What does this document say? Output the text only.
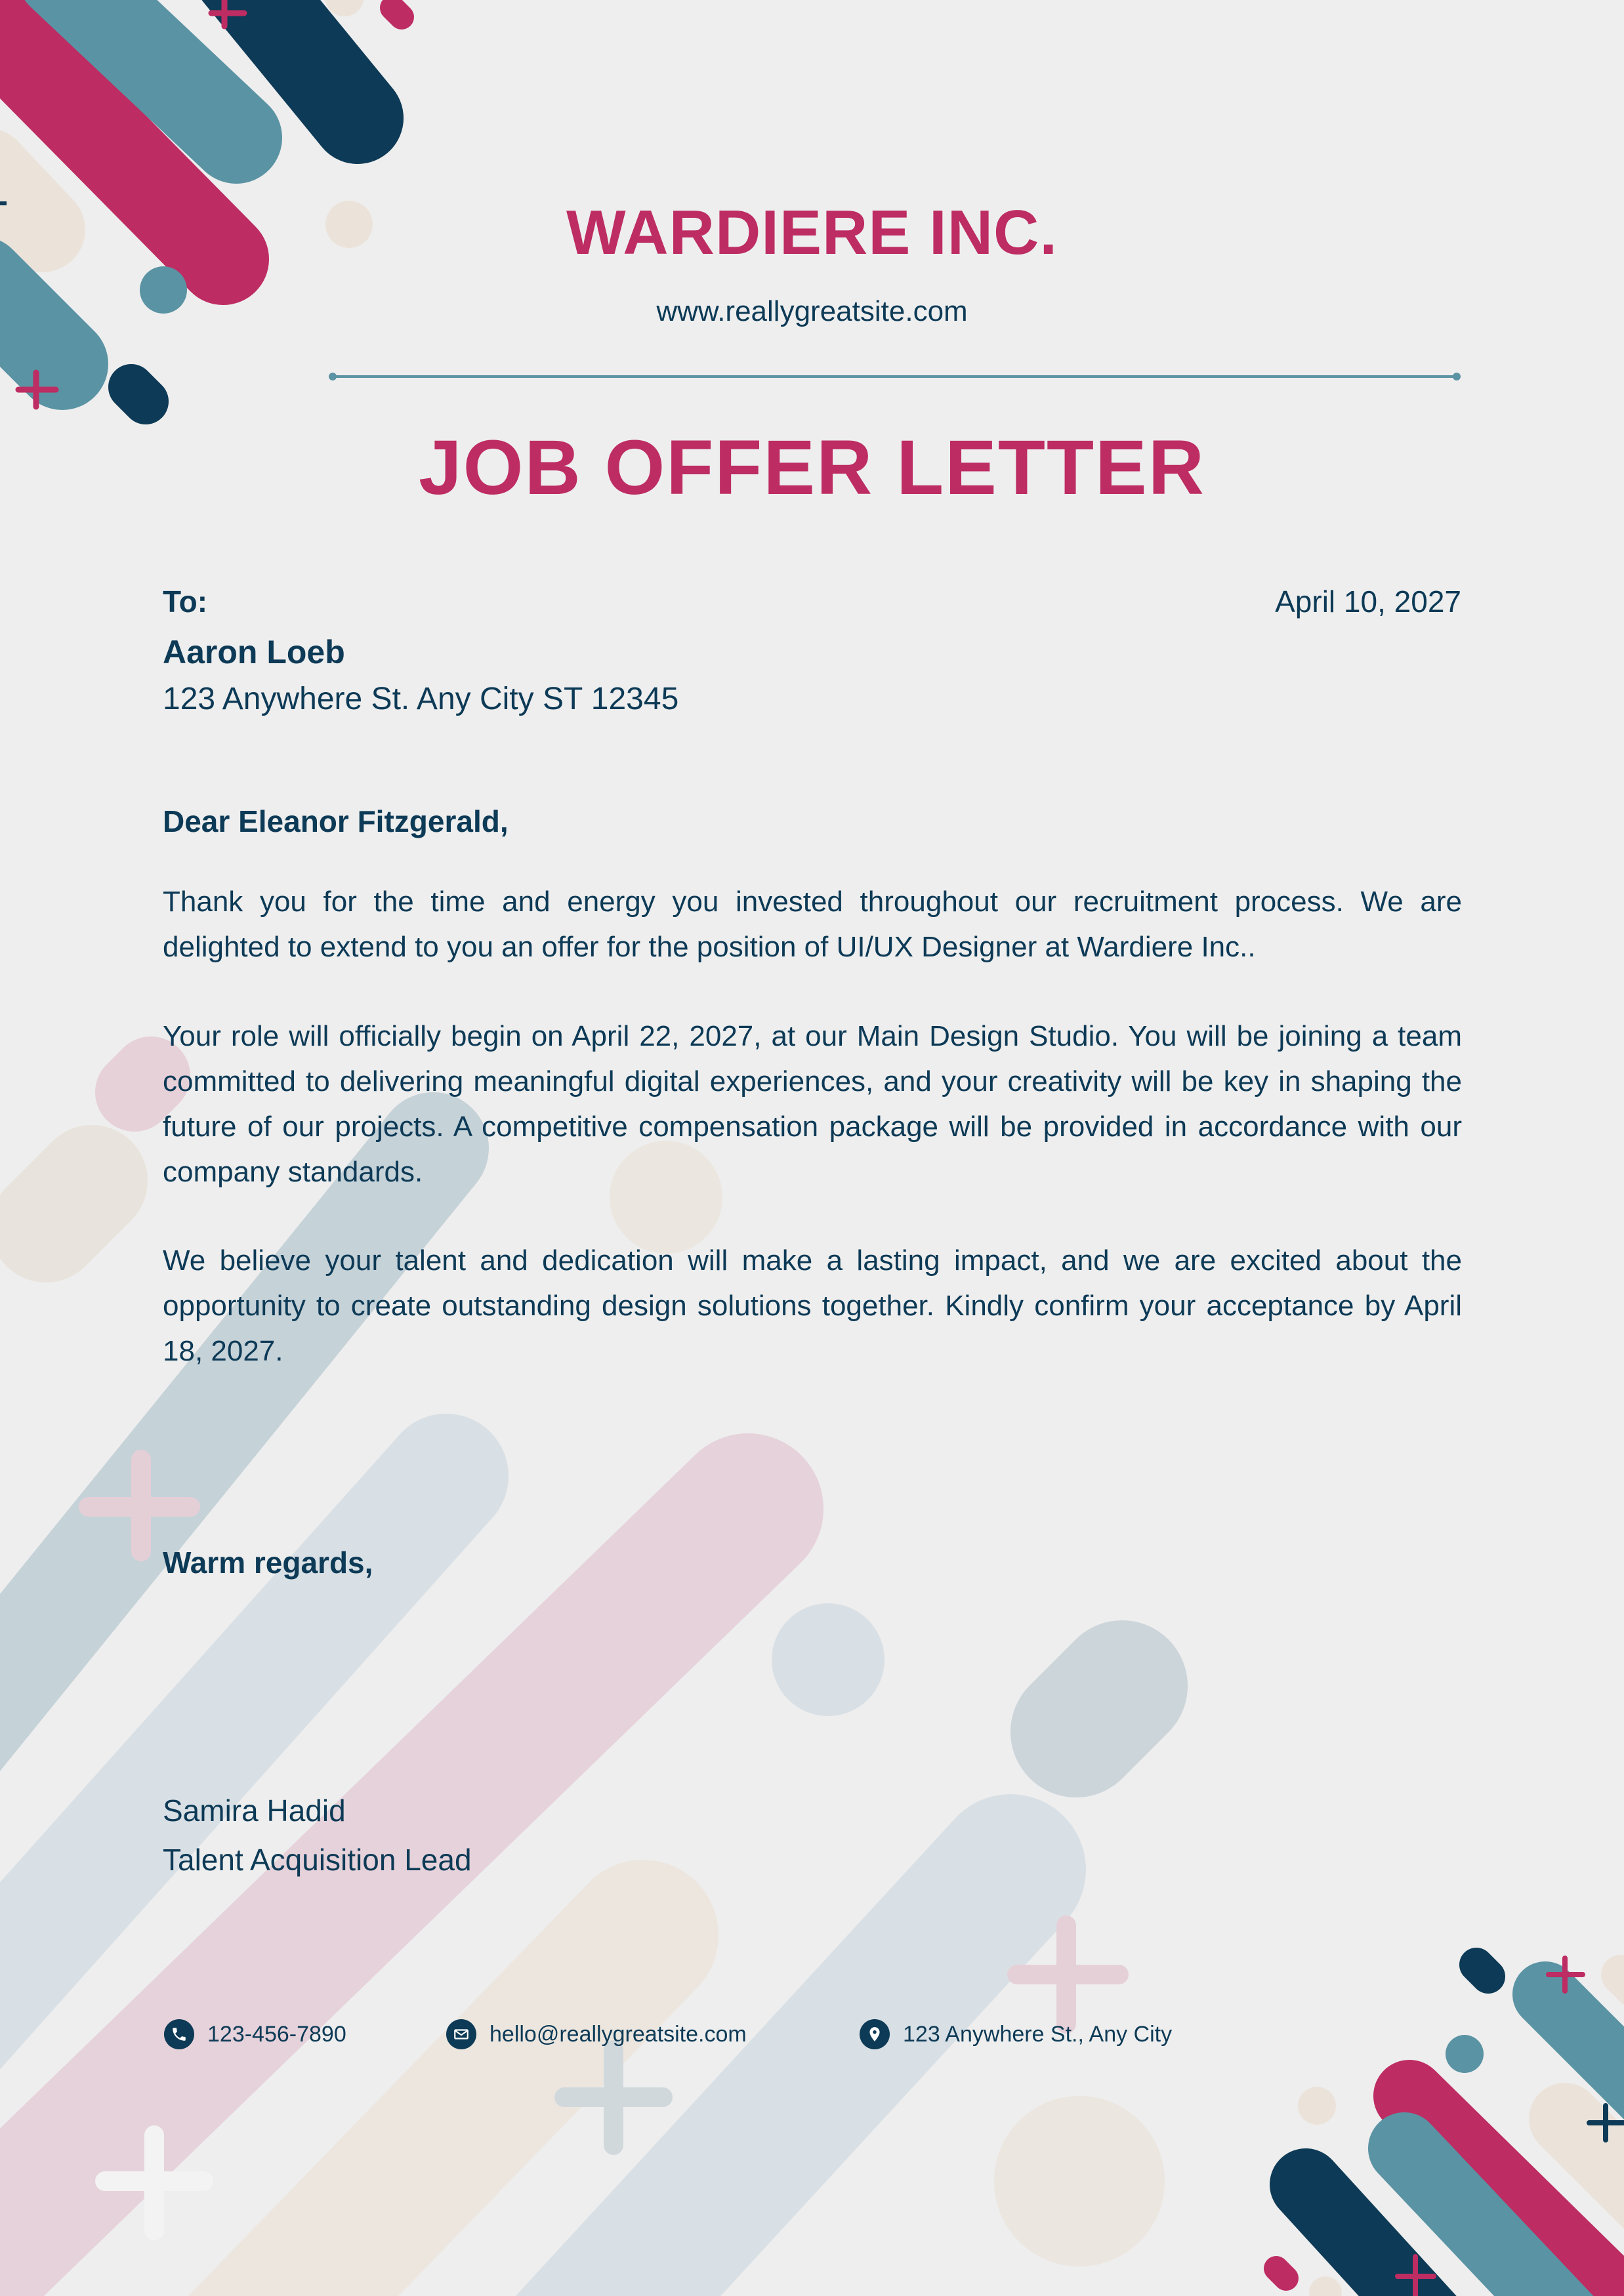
WARDIERE INC.
www.reallygreatsite.com
JOB OFFER LETTER
To:	April 10, 2027
Aaron Loeb
123 Anywhere St. Any City ST 12345
Dear Eleanor Fitzgerald,
Thank you for the time and energy you invested throughout our recruitment process. We are delighted to extend to you an offer for the position of UI/UX Designer at Wardiere Inc..
Your role will officially begin on April 22, 2027, at our Main Design Studio. You will be joining a team committed to delivering meaningful digital experiences, and your creativity will be key in shaping the future of our projects. A competitive compensation package will be provided in accordance with our company standards.
We believe your talent and dedication will make a lasting impact, and we are excited about the opportunity to create outstanding design solutions together. Kindly confirm your acceptance by April 18, 2027.
Warm regards,
Samira Hadid
Talent Acquisition Lead
123-456-7890	hello@reallygreatsite.com	123 Anywhere St., Any City
